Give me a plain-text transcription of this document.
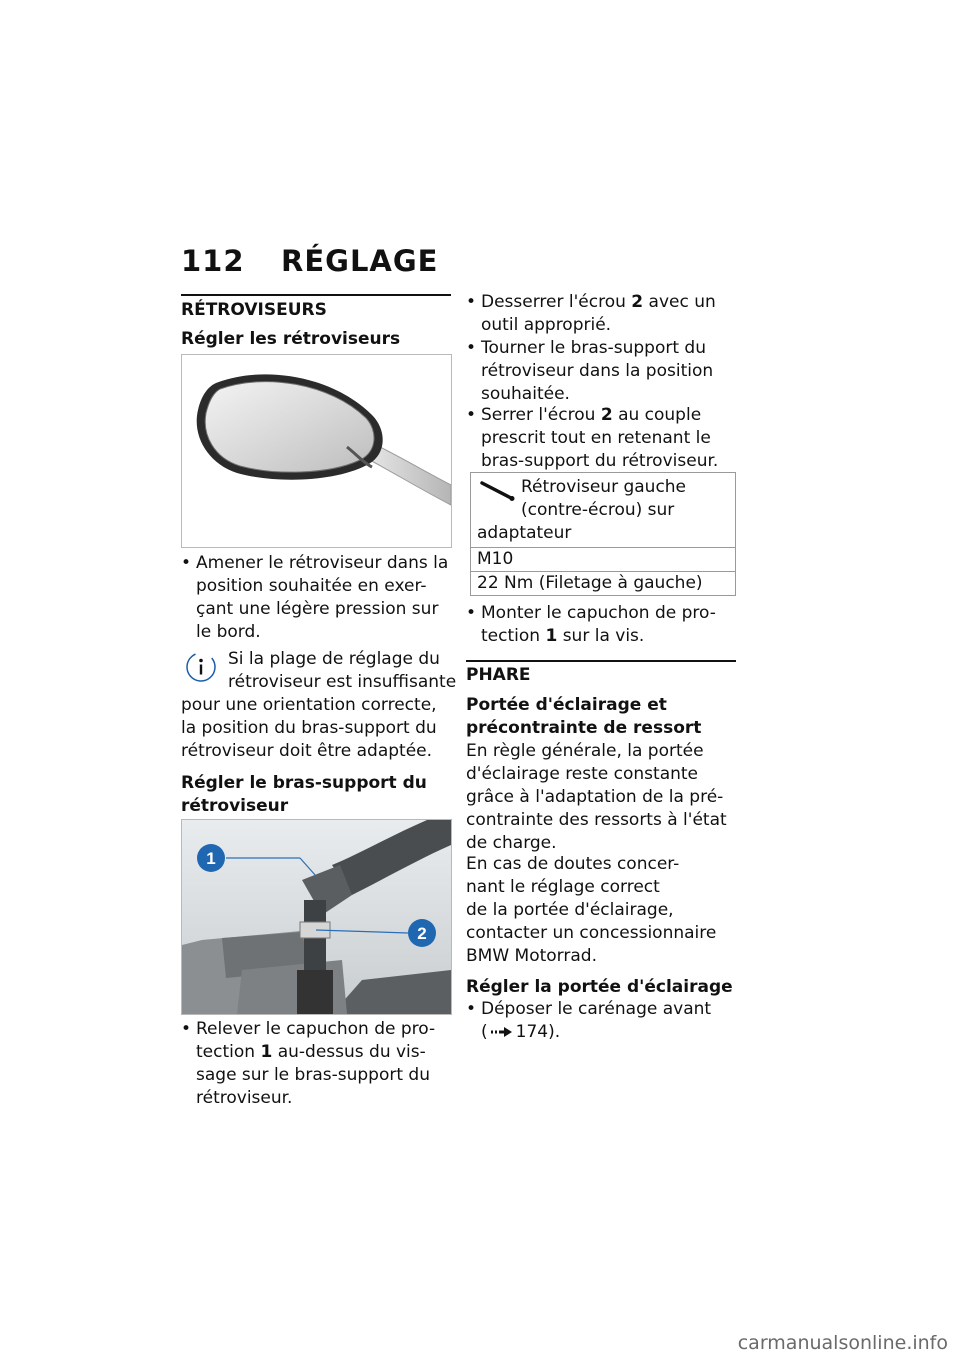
112 RÉGLAGE
RÉTROVISEURS
Régler les rétroviseurs
• Amener le rétroviseur dans la
position souhaitée en exer-
çant une légère pression sur
le bord.
Si la plage de réglage du
rétroviseur est insuffisante
pour une orientation correcte,
la position du bras-support du
rétroviseur doit être adaptée.
Régler le bras-support du
rétroviseur
1
2
• Relever le capuchon de pro-
tection 1 au-dessus du vis-
sage sur le bras-support du
rétroviseur.
• Desserrer l'écrou 2 avec un
outil approprié.
• Tourner le bras-support du
rétroviseur dans la position
souhaitée.
• Serrer l'écrou 2 au couple
prescrit tout en retenant le
bras-support du rétroviseur.
Rétroviseur gauche
(contre-écrou) sur
adaptateur

M10
22 Nm (Filetage à gauche)
• Monter le capuchon de pro-
tection 1 sur la vis.
PHARE
Portée d'éclairage et
précontrainte de ressort
En règle générale, la portée
d'éclairage reste constante
grâce à l'adaptation de la pré-
contrainte des ressorts à l'état
de charge.
En cas de doutes concer-
nant le réglage correct
de la portée d'éclairage,
contacter un concessionnaire
BMW Motorrad.
Régler la portée d'éclairage
• Déposer le carénage avant
( 174).
carmanualsonline.info
